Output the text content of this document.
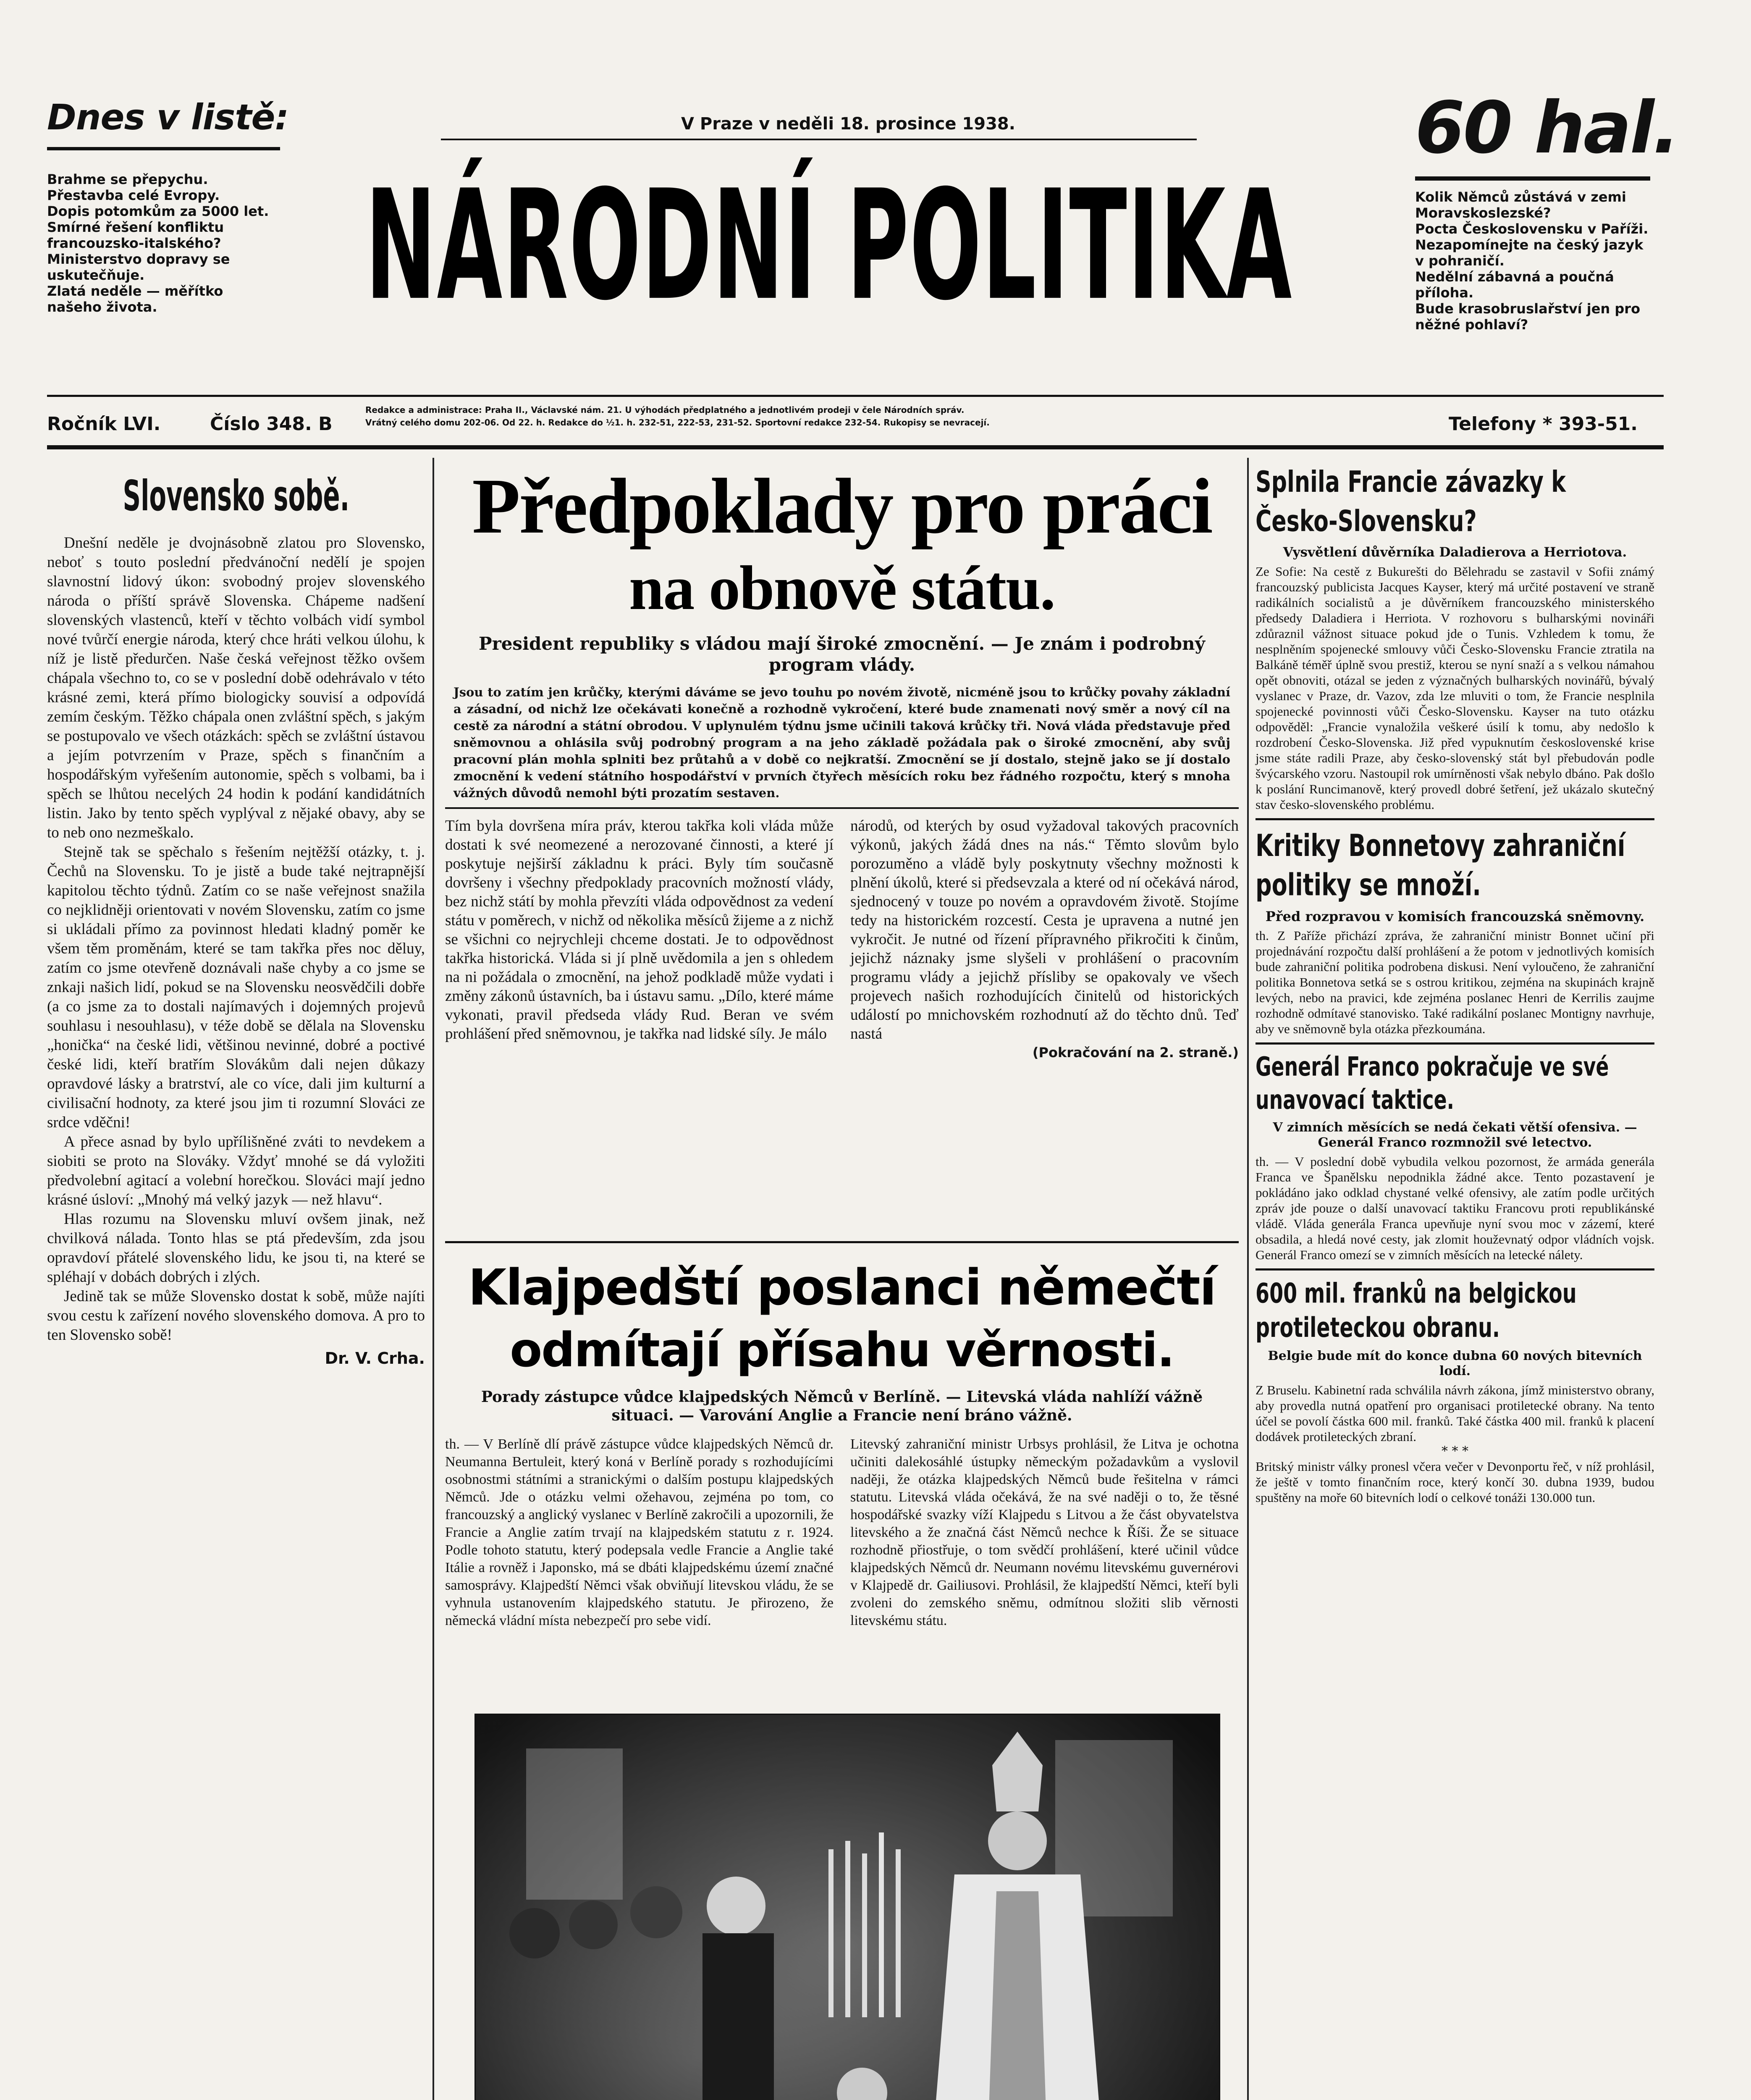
Dnes v listě:
Brahme se přepychu.
Přestavba celé Evropy.
Dopis potomkům za 5000 let.
Smírné řešení konfliktu francouzsko-italského?
Ministerstvo dopravy se uskutečňuje.
Zlatá neděle — měřítko našeho života.
V Praze v neděli 18. prosince 1938.
NÁRODNÍ POLITIKA
60 hal.
Kolik Němců zůstává v zemi Moravskoslezské?
Pocta Československu v Paříži.
Nezapomínejte na český jazyk v pohraničí.
Nedělní zábavná a poučná příloha.
Bude krasobruslařství jen pro něžné pohlaví?
Ročník LVI.	Číslo 348. B
Redakce a administrace: Praha II., Václavské nám. 21. U výhodách předplatného a jednotlivém prodeji v čele Národních správ.
Vrátný celého domu 202-06. Od 22. h. Redakce do ½1. h. 232-51, 222-53, 231-52. Sportovní redakce 232-54. Rukopisy se nevracejí.	Telefony * 393-51.
Slovensko sobě.

Dnešní neděle je dvojnásobně zlatou pro Slovensko, neboť s touto poslední předvánoční nedělí je spojen slavnostní lidový úkon: svobodný projev slovenského národa o příští správě Slovenska. Chápeme nadšení slovenských vlastenců, kteří v těchto volbách vidí symbol nové tvůrčí energie národa, který chce hráti velkou úlohu, k níž je listě předurčen. Naše česká veřejnost těžko ovšem chápala všechno to, co se v poslední době odehrávalo v této krásné zemi, která přímo biologicky souvisí a odpovídá zemím českým. Těžko chápala onen zvláštní spěch, s jakým se postupovalo ve všech otázkách: spěch se zvláštní ústavou a jejím potvrzením v Praze, spěch s finančním a hospodářským vyřešením autonomie, spěch s volbami, ba i spěch se lhůtou necelých 24 hodin k podání kandidátních listin. Jako by tento spěch vyplýval z nějaké obavy, aby se to neb ono nezmeškalo.

Stejně tak se spěchalo s řešením nejtěžší otázky, t. j. Čechů na Slovensku. To je jistě a bude také nejtrapnější kapitolou těchto týdnů. Zatím co se naše veřejnost snažila co nejklidněji orientovati v novém Slovensku, zatím co jsme si ukládali přímo za povinnost hledati kladný poměr ke všem těm proměnám, které se tam takřka přes noc děluy, zatím co jsme otevřeně doznávali naše chyby a co jsme se znkaji našich lidí, pokud se na Slovensku neosvědčili dobře (a co jsme za to dostali najímavých i dojemných projevů souhlasu i nesouhlasu), v téže době se dělala na Slovensku „honička“ na české lidi, většinou nevinné, dobré a poctivé české lidi, kteří bratřím Slovákům dali nejen důkazy opravdové lásky a bratrství, ale co více, dali jim kulturní a civilisační hodnoty, za které jsou jim ti rozumní Slováci ze srdce vděčni!

A přece asnad by bylo upřílišněné zváti to nevdekem a siobiti se proto na Slováky. Vždyť mnohé se dá vyložiti předvolební agitací a volební horečkou. Slováci mají jedno krásné úsloví: „Mnohý má velký jazyk — než hlavu“.

Hlas rozumu na Slovensku mluví ovšem jinak, než chvilková nálada. Tonto hlas se ptá především, zda jsou opravdoví přátelé slovenského lidu, ke jsou ti, na které se spléhají v dobách dobrých i zlých.

Jedině tak se může Slovensko dostat k sobě, může najíti svou cestu k zařízení nového slovenského domova. A pro to ten Slovensko sobě!

Dr. V. Crha.
Předpoklady pro práci
na obnově státu.
President republiky s vládou mají široké zmocnění. — Je znám i podrobný program vlády.
Jsou to zatím jen krůčky, kterými dáváme se jevo touhu po novém životě, nicméně jsou to krůčky povahy základní a zásadní, od nichž lze očekávati konečně a rozhodně vykročení, které bude znamenati nový směr a nový cíl na cestě za národní a státní obrodou. V uplynulém týdnu jsme učinili taková krůčky tři. Nová vláda představuje před sněmovnou a ohlásila svůj podrobný program a na jeho základě požádala pak o široké zmocnění, aby svůj pracovní plán mohla splniti bez průtahů a v době co nejkratší. Zmocnění se jí dostalo, stejně jako se jí dostalo zmocnění k vedení státního hospodářství v prvních čtyřech měsících roku bez řádného rozpočtu, který s mnoha vážných důvodů nemohl býti prozatím sestaven.
Tím byla dovršena míra práv, kterou takřka koli vláda může dostati k své neomezené a nerozované činnosti, a které jí poskytuje nejširší základnu k práci. Byly tím současně dovršeny i všechny předpoklady pracovních možností vlády, bez nichž státí by mohla převzíti vláda odpovědnost za vedení státu v poměrech, v nichž od několika měsíců žijeme a z nichž se všichni co nejrychleji chceme dostati. Je to odpovědnost takřka historická. Vláda si jí plně uvědomila a jen s ohledem na ni požádala o zmocnění, na jehož podkladě může vydati i změny zákonů ústavních, ba i ústavu samu. „Dílo, které máme vykonati, pravil předseda vlády Rud. Beran ve svém prohlášení před sněmovnou, je takřka nad lidské síly. Je málo
národů, od kterých by osud vyžadoval takových pracovních výkonů, jakých žádá dnes na nás.“ Těmto slovům bylo porozuměno a vládě byly poskytnuty všechny možnosti k plnění úkolů, které si předsevzala a které od ní očekává národ, sjednocený v touze po novém a opravdovém životě. Stojíme tedy na historickém rozcestí. Cesta je upravena a nutné jen vykročit. Je nutné od řízení přípravného přikročiti k činům, jejichž náznaky jsme slyšeli v prohlášení o pracovním programu vlády a jejichž přísliby se opakovaly ve všech projevech našich rozhodujících činitelů od historických událostí po mnichovském rozhodnutí až do těchto dnů. Teď nastá
(Pokračování na 2. straně.)
Klajpedští poslanci němečtí
odmítají přísahu věrnosti.
Porady zástupce vůdce klajpedských Němců v Berlíně. — Litevská vláda nahlíží vážně situaci. — Varování Anglie a Francie není bráno vážně.
th. — V Berlíně dlí právě zástupce vůdce klajpedských Němců dr. Neumanna Bertuleit, který koná v Berlíně porady s rozhodujícími osobnostmi státními a stranickými o dalším postupu klajpedských Němců. Jde o otázku velmi ožehavou, zejména po tom, co francouzský a anglický vyslanec v Berlíně zakročili a upozornili, že Francie a Anglie zatím trvají na klajpedském statutu z r. 1924. Podle tohoto statutu, který podepsala vedle Francie a Anglie také Itálie a rovněž i Japonsko, má se dbáti klajpedskému území značné samosprávy. Klajpedští Němci však obviňují litevskou vládu, že se vyhnula ustanovením klajpedského statutu. Je přirozeno, že německá vládní místa nebezpečí pro sebe vidí.
Litevský zahraniční ministr Urbsys prohlásil, že Litva je ochotna učiniti dalekosáhlé ústupky německým požadavkům a vyslovil naději, že otázka klajpedských Němců bude řešitelna v rámci statutu. Litevská vláda očekává, že na své naději o to, že těsné hospodářské svazky víží Klajpedu s Litvou a že část obyvatelstva litevského a že značná část Němců nechce k Říši. Že se situace rozhodně přiostřuje, o tom svědčí prohlášení, které učinil vůdce klajpedských Němců dr. Neumann novému litevskému guvernérovi v Klajpedě dr. Gailiusovi. Prohlásil, že klajpedští Němci, kteří byli zvoleni do zemského sněmu, odmítnou složiti slib věrnosti litevskému státu.
Splnila Francie závazky k Česko-Slovensku?
Vysvětlení důvěrníka Daladierova a Herriotova.
Ze Sofie: Na cestě z Bukurešti do Bělehradu se zastavil v Sofii známý francouzský publicista Jacques Kayser, který má určité postavení ve straně radikálních socialistů a je důvěrníkem francouzského ministerského předsedy Daladiera i Herriota. V rozhovoru s bulharskými novináři zdůraznil vážnost situace pokud jde o Tunis. Vzhledem k tomu, že nesplněním spojenecké smlouvy vůči Česko-Slovensku Francie ztratila na Balkáně téměř úplně svou prestiž, kterou se nyní snaží a s velkou námahou opět obnoviti, otázal se jeden z význačných bulharských novinářů, bývalý vyslanec v Praze, dr. Vazov, zda lze mluviti o tom, že Francie nesplnila spojenecké povinnosti vůči Česko-Slovensku. Kayser na tuto otázku odpověděl: „Francie vynaložila veškeré úsilí k tomu, aby nedošlo k rozdrobení Česko-Slovenska. Již před vypuknutím československé krise jsme státe radili Praze, aby česko-slovenský stát byl přebudován podle švýcarského vzoru. Nastoupil rok umírněnosti však nebylo dbáno. Pak došlo k poslání Runcimanově, který provedl dobré šetření, jež ukázalo skutečný stav česko-slovenského problému.
Kritiky Bonnetovy zahraniční politiky se množí.
Před rozpravou v komisích francouzská sněmovny.
th. Z Paříže přichází zpráva, že zahraniční ministr Bonnet učiní při projednávání rozpočtu další prohlášení a že potom v jednotlivých komisích bude zahraniční politika podrobena diskusi. Není vyloučeno, že zahraniční politika Bonnetova setká se s ostrou kritikou, zejména na skupinách krajně levých, nebo na pravici, kde zejména poslanec Henri de Kerrilis zaujme rozhodně odmítavé stanovisko. Také radikální poslanec Montigny navrhuje, aby ve sněmovně byla otázka přezkoumána.
Generál Franco pokračuje ve své unavovací taktice.
V zimních měsících se nedá čekati větší ofensiva. — Generál Franco rozmnožil své letectvo.
th. — V poslední době vybudila velkou pozornost, že armáda generála Franca ve Španělsku nepodnikla žádné akce. Tento pozastavení je pokládáno jako odklad chystané velké ofensivy, ale zatím podle určitých zpráv jde pouze o další unavovací taktiku Francovu proti republikánské vládě. Vláda generála Franca upevňuje nyní svou moc v zázemí, které obsadila, a hledá nové cesty, jak zlomit houževnatý odpor vládních vojsk. Generál Franco omezí se v zimních měsících na letecké nálety.
600 mil. franků na belgickou protileteckou obranu.
Belgie bude mít do konce dubna 60 nových bitevních lodí.
Z Bruselu. Kabinetní rada schválila návrh zákona, jímž ministerstvo obrany, aby provedla nutná opatření pro organisaci protiletecké obrany. Na tento účel se povolí částka 600 mil. franků. Také částka 400 mil. franků k placení dodávek protileteckých zbraní.
* * *
Britský ministr války pronesl včera večer v Devonportu řeč, v níž prohlásil, že ještě v tomto finančním roce, který končí 30. dubna 1939, budou spuštěny na moře 60 bitevních lodí o celkové tonáži 130.000 tun.
